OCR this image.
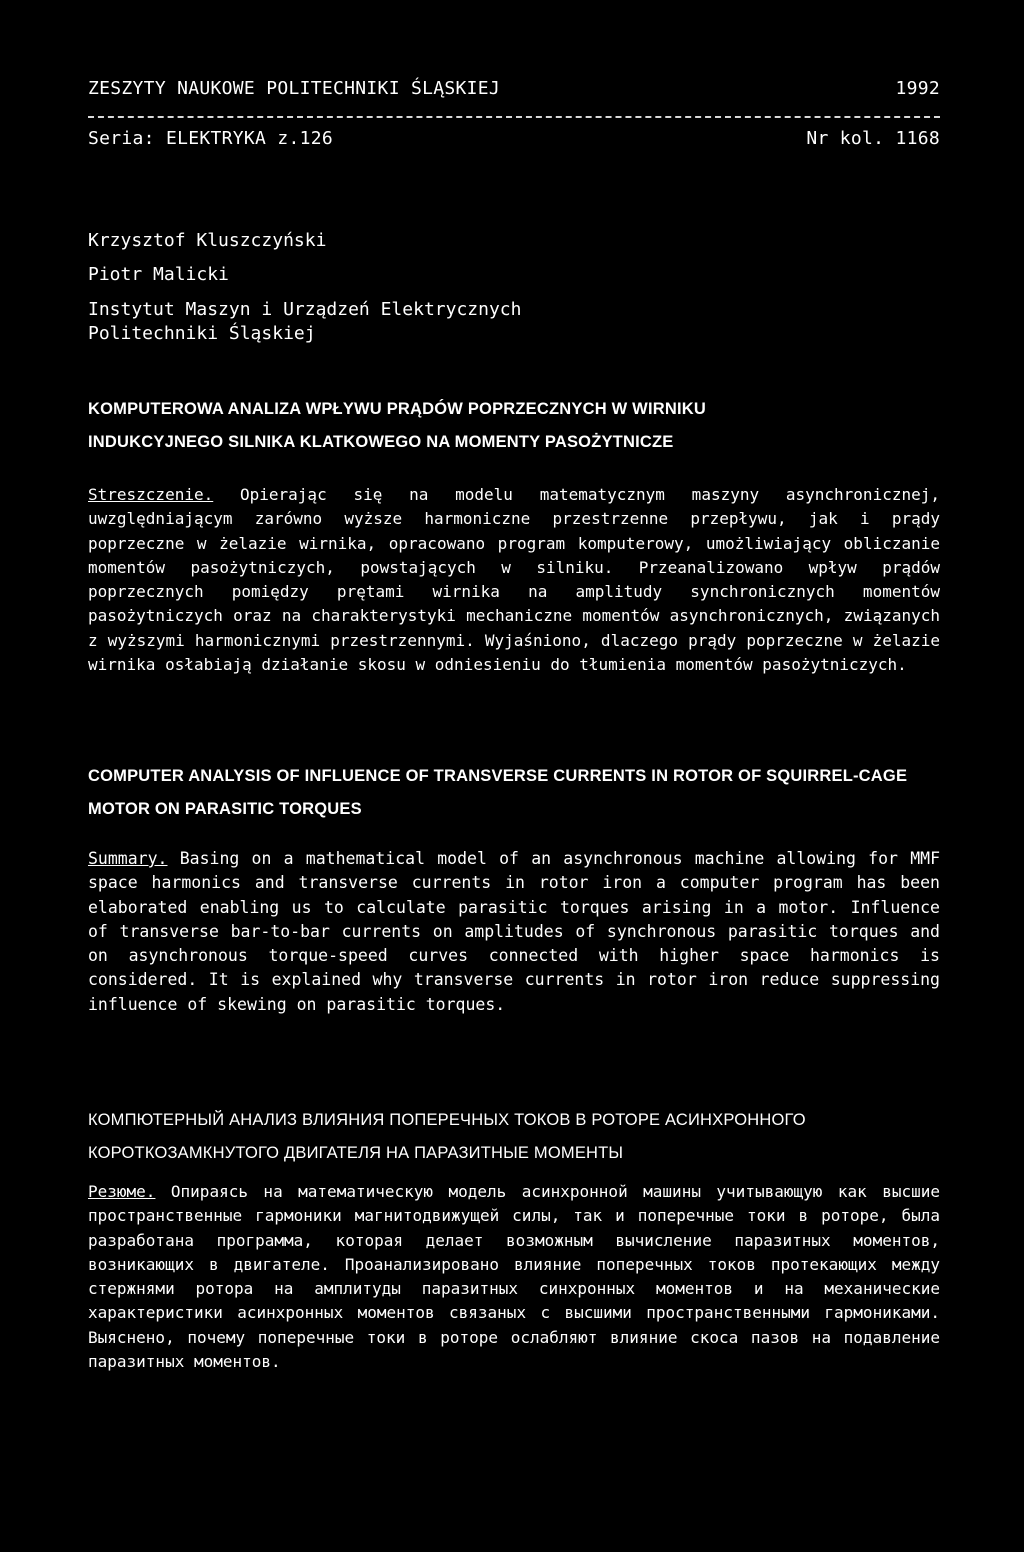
ZESZYTY NAUKOWE POLITECHNIKI ŚLĄSKIEJ	1992
Seria: ELEKTRYKA z.126	Nr kol. 1168
Krzysztof Kluszczyński
Piotr Malicki
Instytut Maszyn i Urządzeń Elektrycznych
Politechniki Śląskiej
KOMPUTEROWA ANALIZA WPŁYWU PRĄDÓW POPRZECZNYCH W WIRNIKU INDUKCYJNEGO SILNIKA KLATKOWEGO NA MOMENTY PASOŻYTNICZE
Streszczenie. Opierając się na modelu matematycznym maszyny asynchronicznej, uwzględniającym zarówno wyższe harmoniczne przestrzenne przepływu, jak i prądy poprzeczne w żelazie wirnika, opracowano program komputerowy, umożliwiający obliczanie momentów pasożytniczych, powstających w silniku. Przeanalizowano wpływ prądów poprzecznych pomiędzy prętami wirnika na amplitudy synchronicznych momentów pasożytniczych oraz na charakterystyki mechaniczne momentów asynchronicznych, związanych z wyższymi harmonicznymi przestrzennymi. Wyjaśniono, dlaczego prądy poprzeczne w żelazie wirnika osłabiają działanie skosu w odniesieniu do tłumienia momentów pasożytniczych.
COMPUTER ANALYSIS OF INFLUENCE OF TRANSVERSE CURRENTS IN ROTOR OF SQUIRREL-CAGE MOTOR ON PARASITIC TORQUES
Summary. Basing on a mathematical model of an asynchronous machine allowing for MMF space harmonics and transverse currents in rotor iron a computer program has been elaborated enabling us to calculate parasitic torques arising in a motor. Influence of transverse bar-to-bar currents on amplitudes of synchronous parasitic torques and on asynchronous torque-speed curves connected with higher space harmonics is considered. It is explained why transverse currents in rotor iron reduce suppressing influence of skewing on parasitic torques.
КОМПЮТЕРНЫЙ АНАЛИЗ ВЛИЯНИЯ ПОПЕРЕЧНЫХ ТОКОВ В РОТОРЕ АСИНХРОННОГО КОРОТКОЗАМКНУТОГО ДВИГАТЕЛЯ НА ПАРАЗИТНЫЕ МОМЕНТЫ
Резюме. Опираясь на математическую модель асинхронной машины учитывающую как высшие пространственные гармоники магнитодвижущей силы, так и поперечные токи в роторе, была разработана программа, которая делает возможным вычисление паразитных моментов, возникающих в двигателе. Проанализировано влияние поперечных токов протекающих между стержнями ротора на амплитуды паразитных синхронных моментов и на механические характеристики асинхронных моментов связаных с высшими пространственными гармониками. Выяснено, почему поперечные токи в роторе ослабляют влияние скоса пазов на подавление паразитных моментов.
